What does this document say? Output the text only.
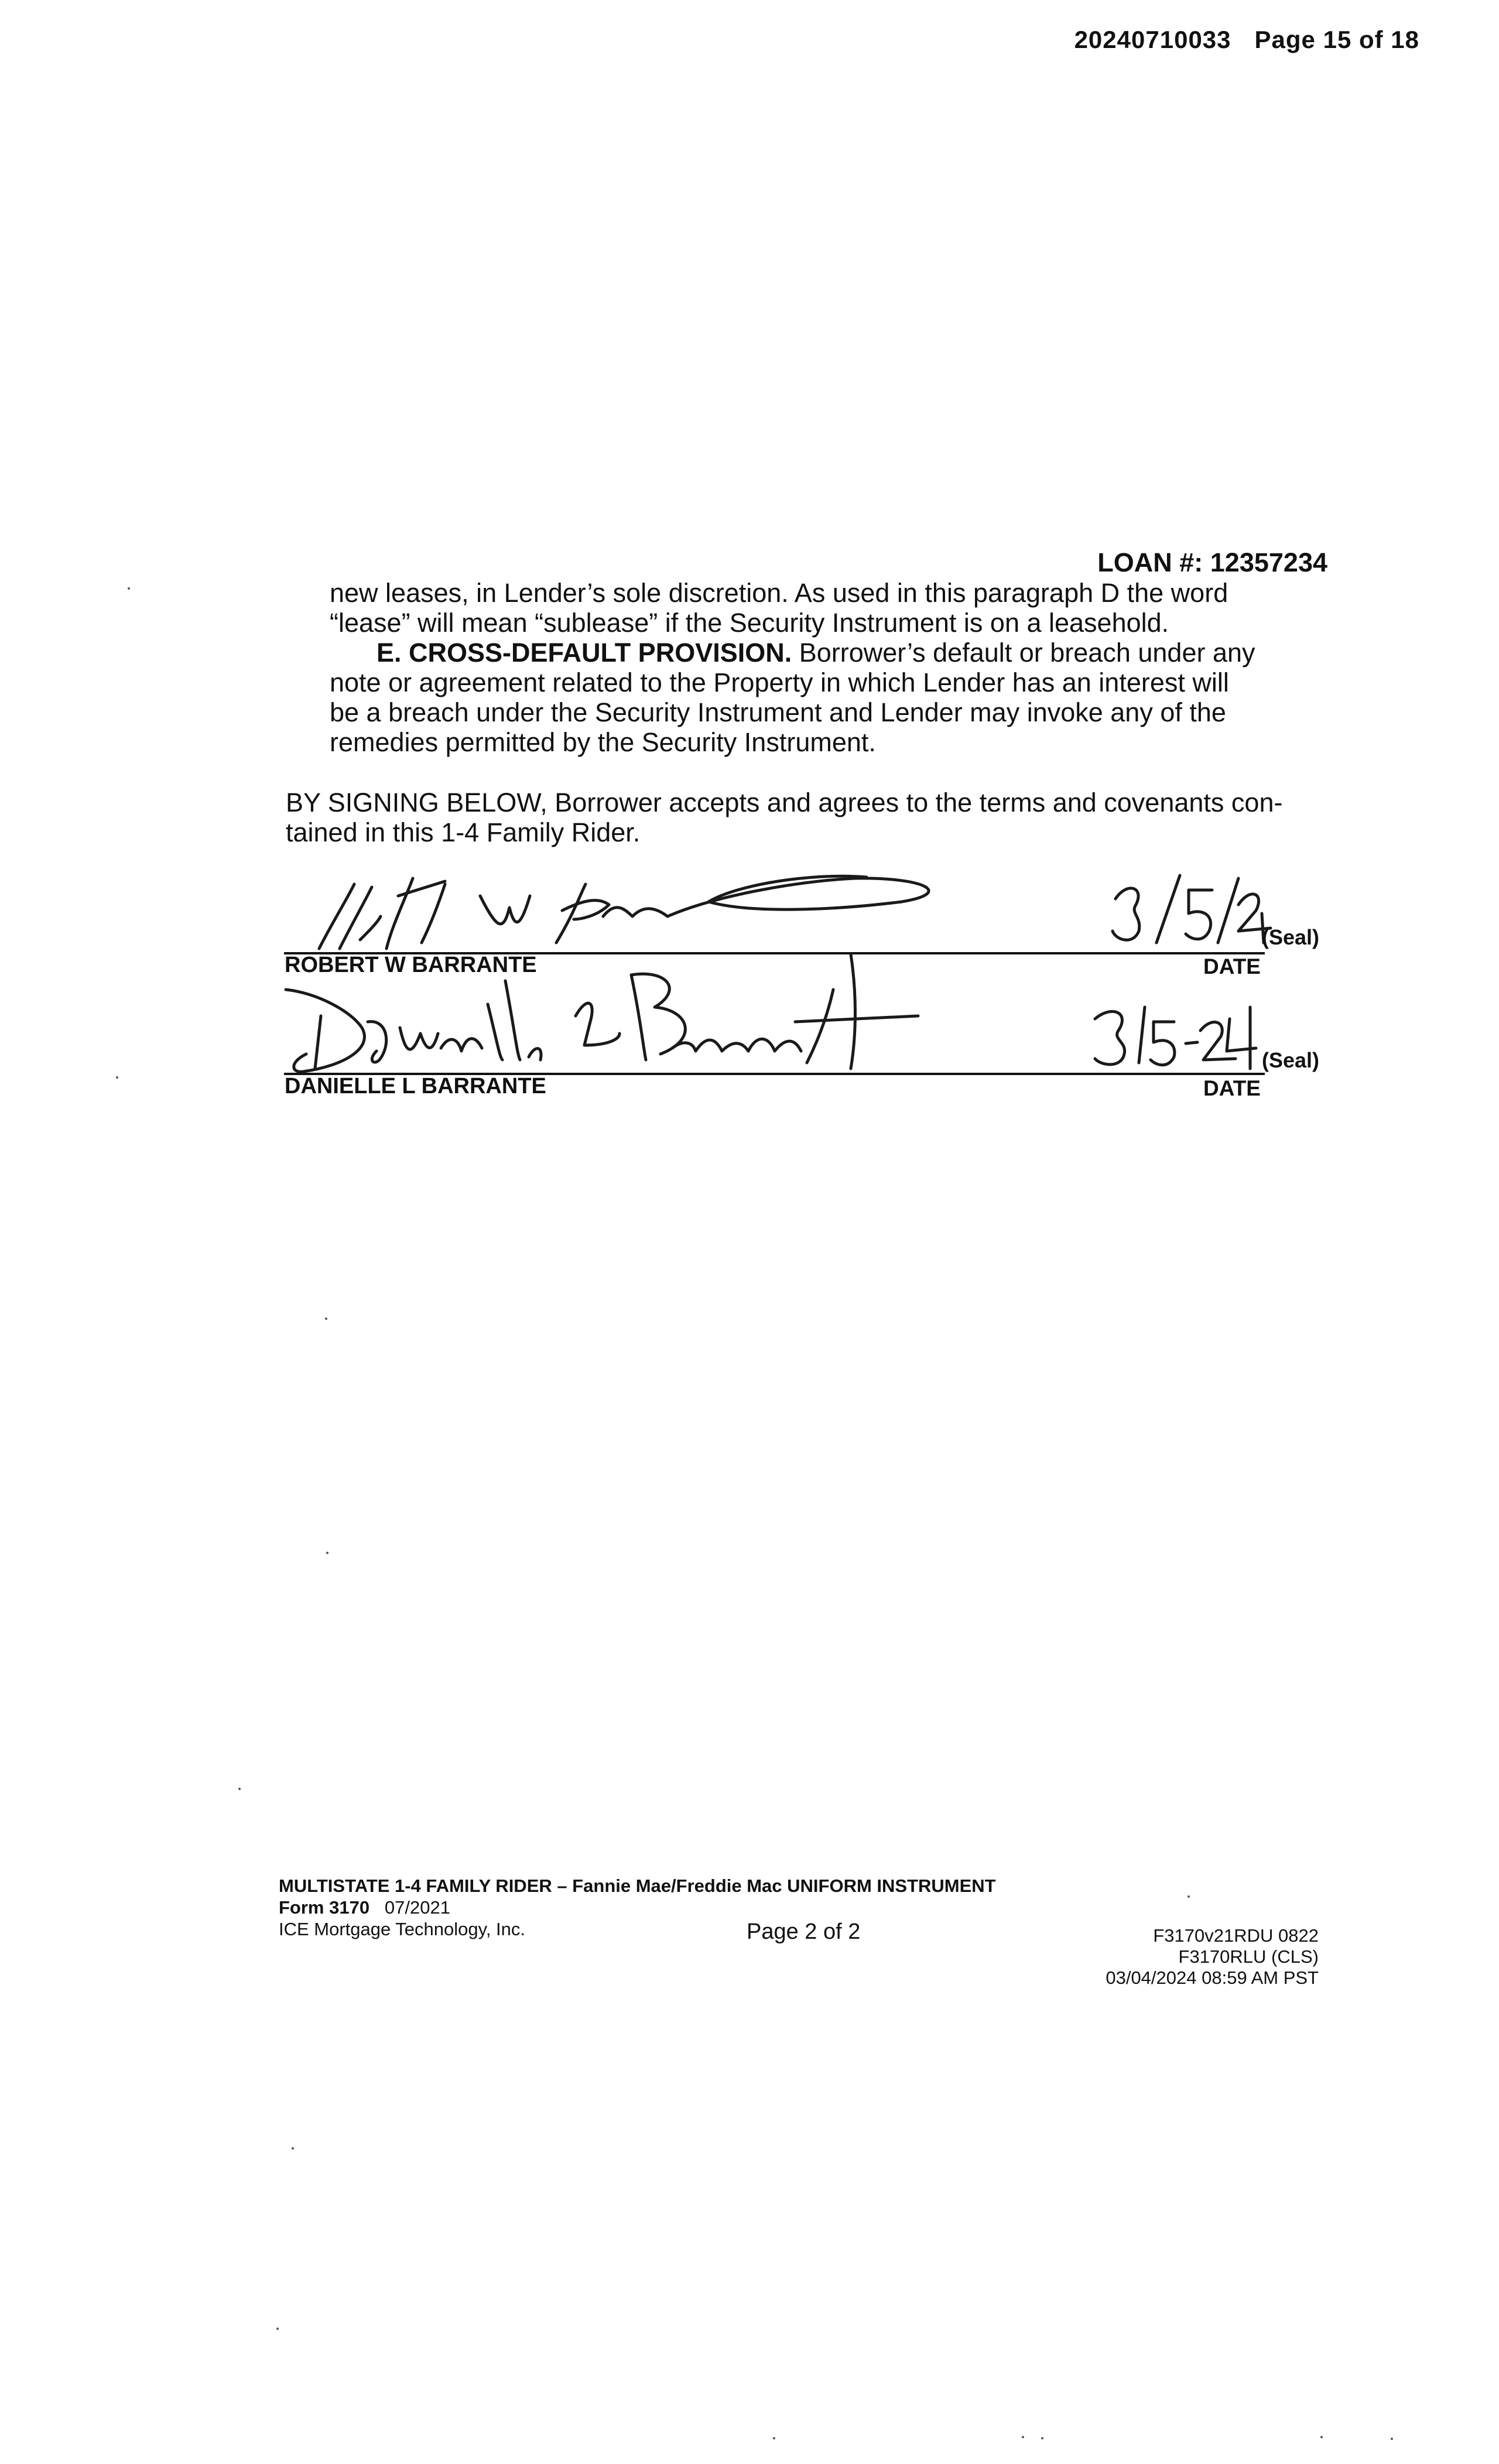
20240710033 Page 15 of 18
LOAN #: 12357234
new leases, in Lender’s sole discretion. As used in this paragraph D the word
“lease” will mean “sublease” if the Security Instrument is on a leasehold.
E. CROSS-DEFAULT PROVISION. Borrower’s default or breach under any
note or agreement related to the Property in which Lender has an interest will
be a breach under the Security Instrument and Lender may invoke any of the
remedies permitted by the Security Instrument.
BY SIGNING BELOW, Borrower accepts and agrees to the terms and covenants con-
tained in this 1-4 Family Rider.
(Seal)
ROBERT W BARRANTE	DATE
(Seal)
DANIELLE L BARRANTE	DATE
MULTISTATE 1-4 FAMILY RIDER – Fannie Mae/Freddie Mac UNIFORM INSTRUMENT
Form 3170 07/2021
ICE Mortgage Technology, Inc.	Page 2 of 2	F3170v21RDU 0822
F3170RLU (CLS)
03/04/2024 08:59 AM PST
